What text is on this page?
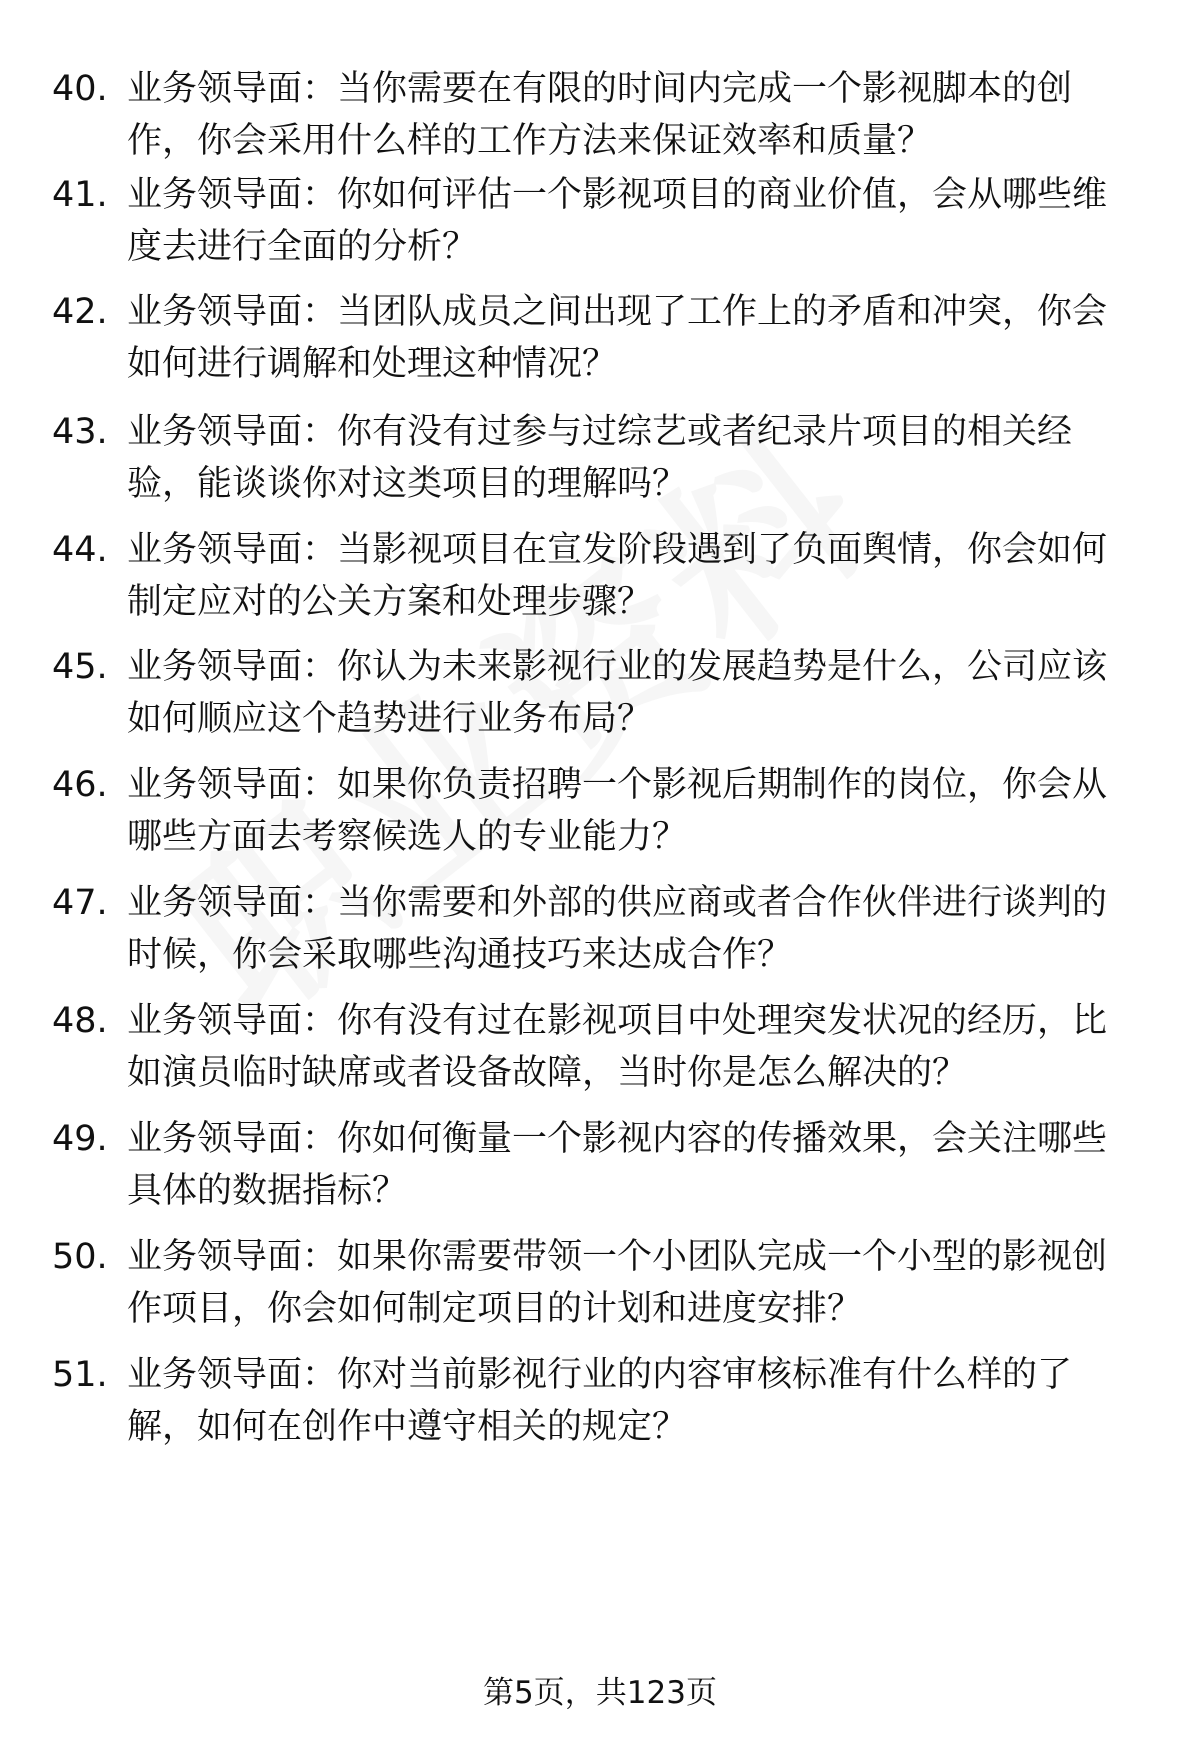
40. 业务领导面：当你需要在有限的时间内完成一个影视脚本的创
作，你会采用什么样的工作方法来保证效率和质量？
41. 业务领导面：你如何评估一个影视项目的商业价值，会从哪些维
度去进行全面的分析？
42. 业务领导面：当团队成员之间出现了工作上的矛盾和冲突，你会
如何进行调解和处理这种情况？
43. 业务领导面：你有没有过参与过综艺或者纪录片项目的相关经
验，能谈谈你对这类项目的理解吗？
44. 业务领导面：当影视项目在宣发阶段遇到了负面舆情，你会如何
制定应对的公关方案和处理步骤？
45. 业务领导面：你认为未来影视行业的发展趋势是什么，公司应该
如何顺应这个趋势进行业务布局？
46. 业务领导面：如果你负责招聘一个影视后期制作的岗位，你会从
哪些方面去考察候选人的专业能力？
47. 业务领导面：当你需要和外部的供应商或者合作伙伴进行谈判的
时候，你会采取哪些沟通技巧来达成合作？
48. 业务领导面：你有没有过在影视项目中处理突发状况的经历，比
如演员临时缺席或者设备故障，当时你是怎么解决的？
49. 业务领导面：你如何衡量一个影视内容的传播效果，会关注哪些
具体的数据指标？
50. 业务领导面：如果你需要带领一个小团队完成一个小型的影视创
作项目，你会如何制定项目的计划和进度安排？
51. 业务领导面：你对当前影视行业的内容审核标准有什么样的了
解，如何在创作中遵守相关的规定？
第5页，共123页
